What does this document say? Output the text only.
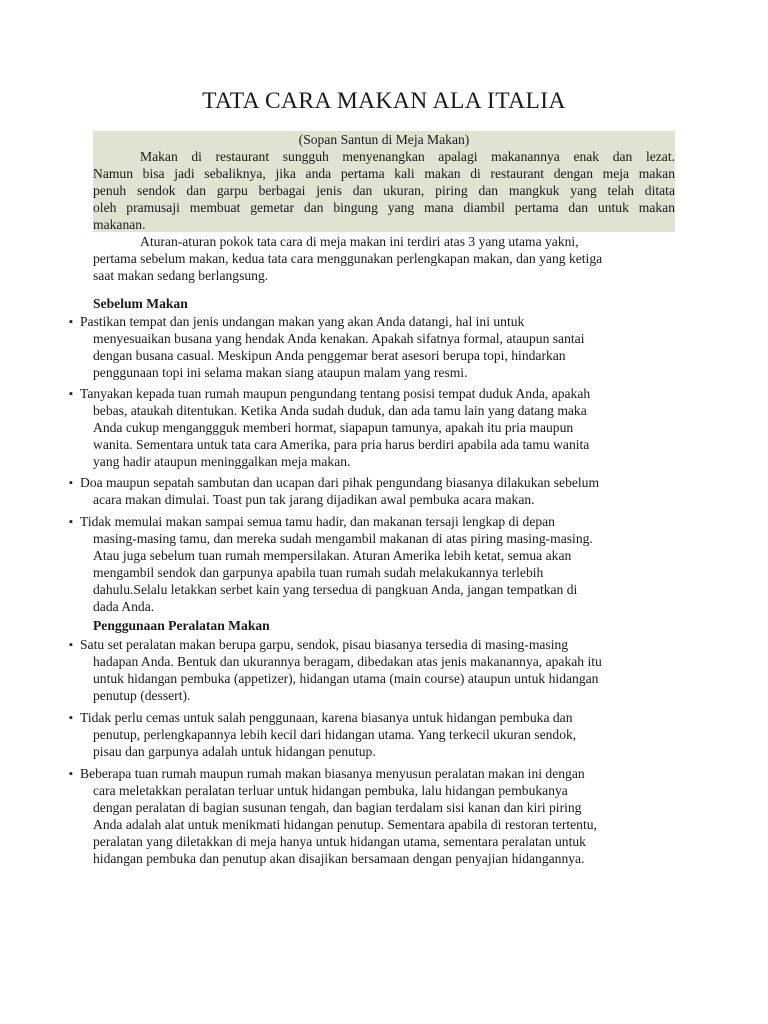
TATA CARA MAKAN ALA ITALIA

(Sopan Santun di Meja Makan)

Makan di restaurant sungguh menyenangkan apalagi makanannya enak dan lezat.

Namun bisa jadi sebaliknya, jika anda pertama kali makan di restaurant dengan meja makan

penuh sendok dan garpu berbagai jenis dan ukuran, piring dan mangkuk yang telah ditata

oleh pramusaji membuat gemetar dan bingung yang mana diambil pertama dan untuk makan

makanan.

Aturan-aturan pokok tata cara di meja makan ini terdiri atas 3 yang utama yakni,

pertama sebelum makan, kedua tata cara menggunakan perlengkapan makan, dan yang ketiga

saat makan sedang berlangsung.

Sebelum Makan

▪ Pastikan tempat dan jenis undangan makan yang akan Anda datangi, hal ini untuk

menyesuaikan busana yang hendak Anda kenakan. Apakah sifatnya formal, ataupun santai

dengan busana casual. Meskipun Anda penggemar berat asesori berupa topi, hindarkan

penggunaan topi ini selama makan siang ataupun malam yang resmi.

▪ Tanyakan kepada tuan rumah maupun pengundang tentang posisi tempat duduk Anda, apakah

bebas, ataukah ditentukan. Ketika Anda sudah duduk, dan ada tamu lain yang datang maka

Anda cukup menganggguk memberi hormat, siapapun tamunya, apakah itu pria maupun

wanita. Sementara untuk tata cara Amerika, para pria harus berdiri apabila ada tamu wanita

yang hadir ataupun meninggalkan meja makan.

▪ Doa maupun sepatah sambutan dan ucapan dari pihak pengundang biasanya dilakukan sebelum

acara makan dimulai. Toast pun tak jarang dijadikan awal pembuka acara makan.

▪ Tidak memulai makan sampai semua tamu hadir, dan makanan tersaji lengkap di depan

masing-masing tamu, dan mereka sudah mengambil makanan di atas piring masing-masing.

Atau juga sebelum tuan rumah mempersilakan. Aturan Amerika lebih ketat, semua akan

mengambil sendok dan garpunya apabila tuan rumah sudah melakukannya terlebih

dahulu.Selalu letakkan serbet kain yang tersedua di pangkuan Anda, jangan tempatkan di

dada Anda.

Penggunaan Peralatan Makan

▪ Satu set peralatan makan berupa garpu, sendok, pisau biasanya tersedia di masing-masing

hadapan Anda. Bentuk dan ukurannya beragam, dibedakan atas jenis makanannya, apakah itu

untuk hidangan pembuka (appetizer), hidangan utama (main course) ataupun untuk hidangan

penutup (dessert).

▪ Tidak perlu cemas untuk salah penggunaan, karena biasanya untuk hidangan pembuka dan

penutup, perlengkapannya lebih kecil dari hidangan utama. Yang terkecil ukuran sendok,

pisau dan garpunya adalah untuk hidangan penutup.

▪ Beberapa tuan rumah maupun rumah makan biasanya menyusun peralatan makan ini dengan

cara meletakkan peralatan terluar untuk hidangan pembuka, lalu hidangan pembukanya

dengan peralatan di bagian susunan tengah, dan bagian terdalam sisi kanan dan kiri piring

Anda adalah alat untuk menikmati hidangan penutup. Sementara apabila di restoran tertentu,

peralatan yang diletakkan di meja hanya untuk hidangan utama, sementara peralatan untuk

hidangan pembuka dan penutup akan disajikan bersamaan dengan penyajian hidangannya.
